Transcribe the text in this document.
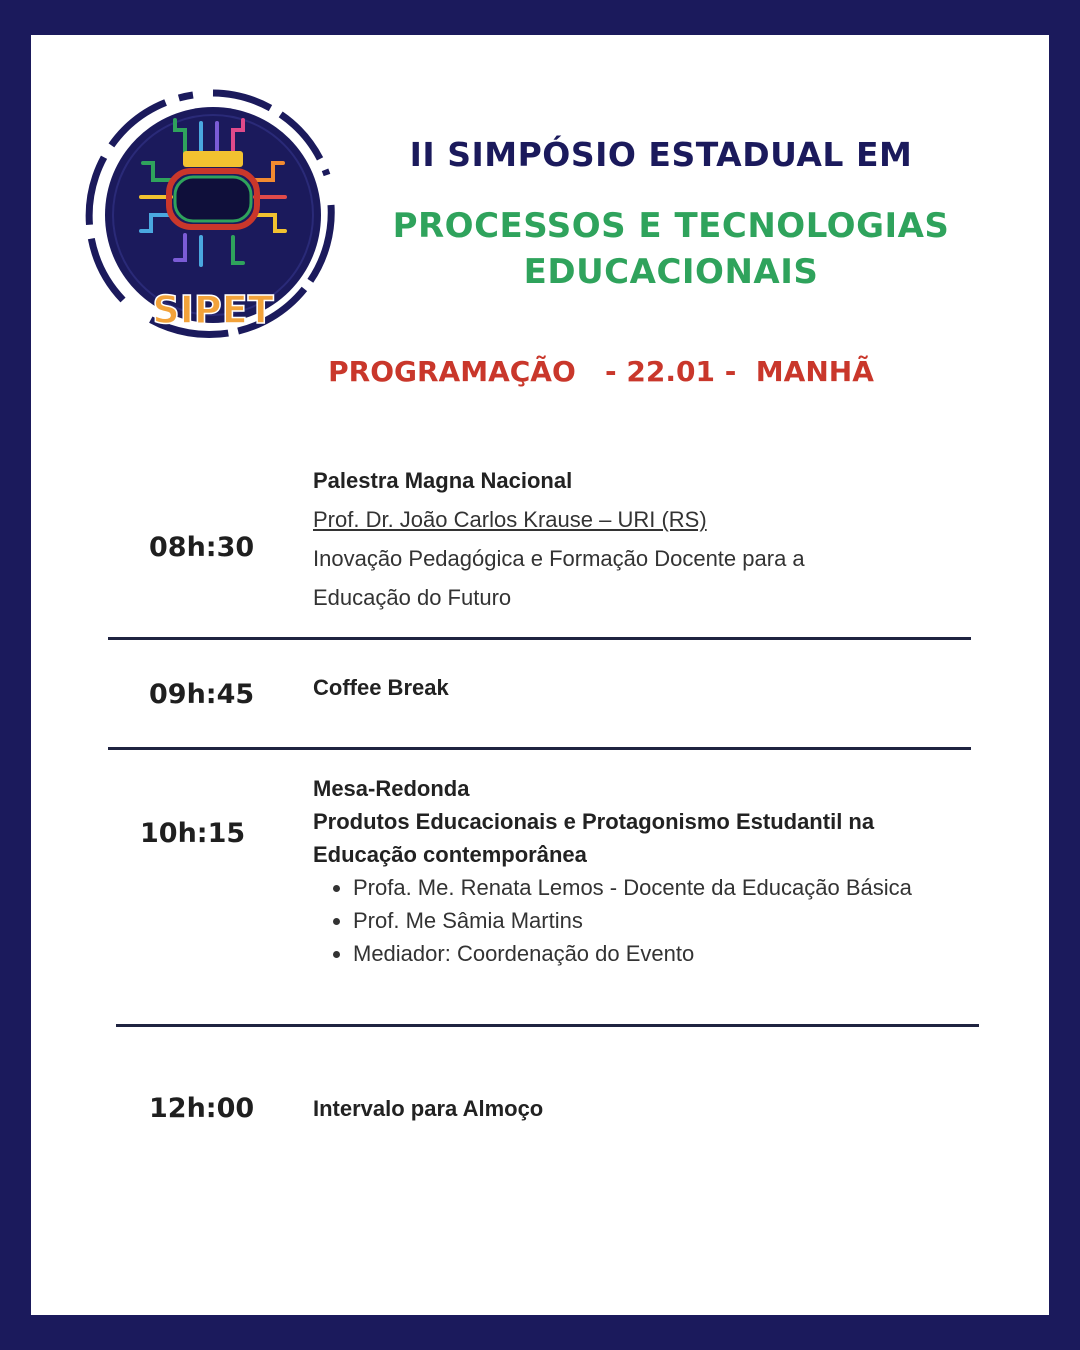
SIPET
II SIMPÓSIO ESTADUAL EM
PROCESSOS E TECNOLOGIAS
EDUCACIONAIS
PROGRAMAÇÃO   - 22.01 -  MANHÃ
08h:30
Palestra Magna Nacional
Prof. Dr. João Carlos Krause – URI (RS)
Inovação Pedagógica e Formação Docente para a
Educação do Futuro
09h:45	Coffee Break
10h:15
Mesa-Redonda
Produtos Educacionais e Protagonismo Estudantil na
Educação contemporânea
• Profa. Me. Renata Lemos - Docente da Educação Básica
• Prof. Me Sâmia Martins
• Mediador: Coordenação do Evento
12h:00	Intervalo para Almoço
